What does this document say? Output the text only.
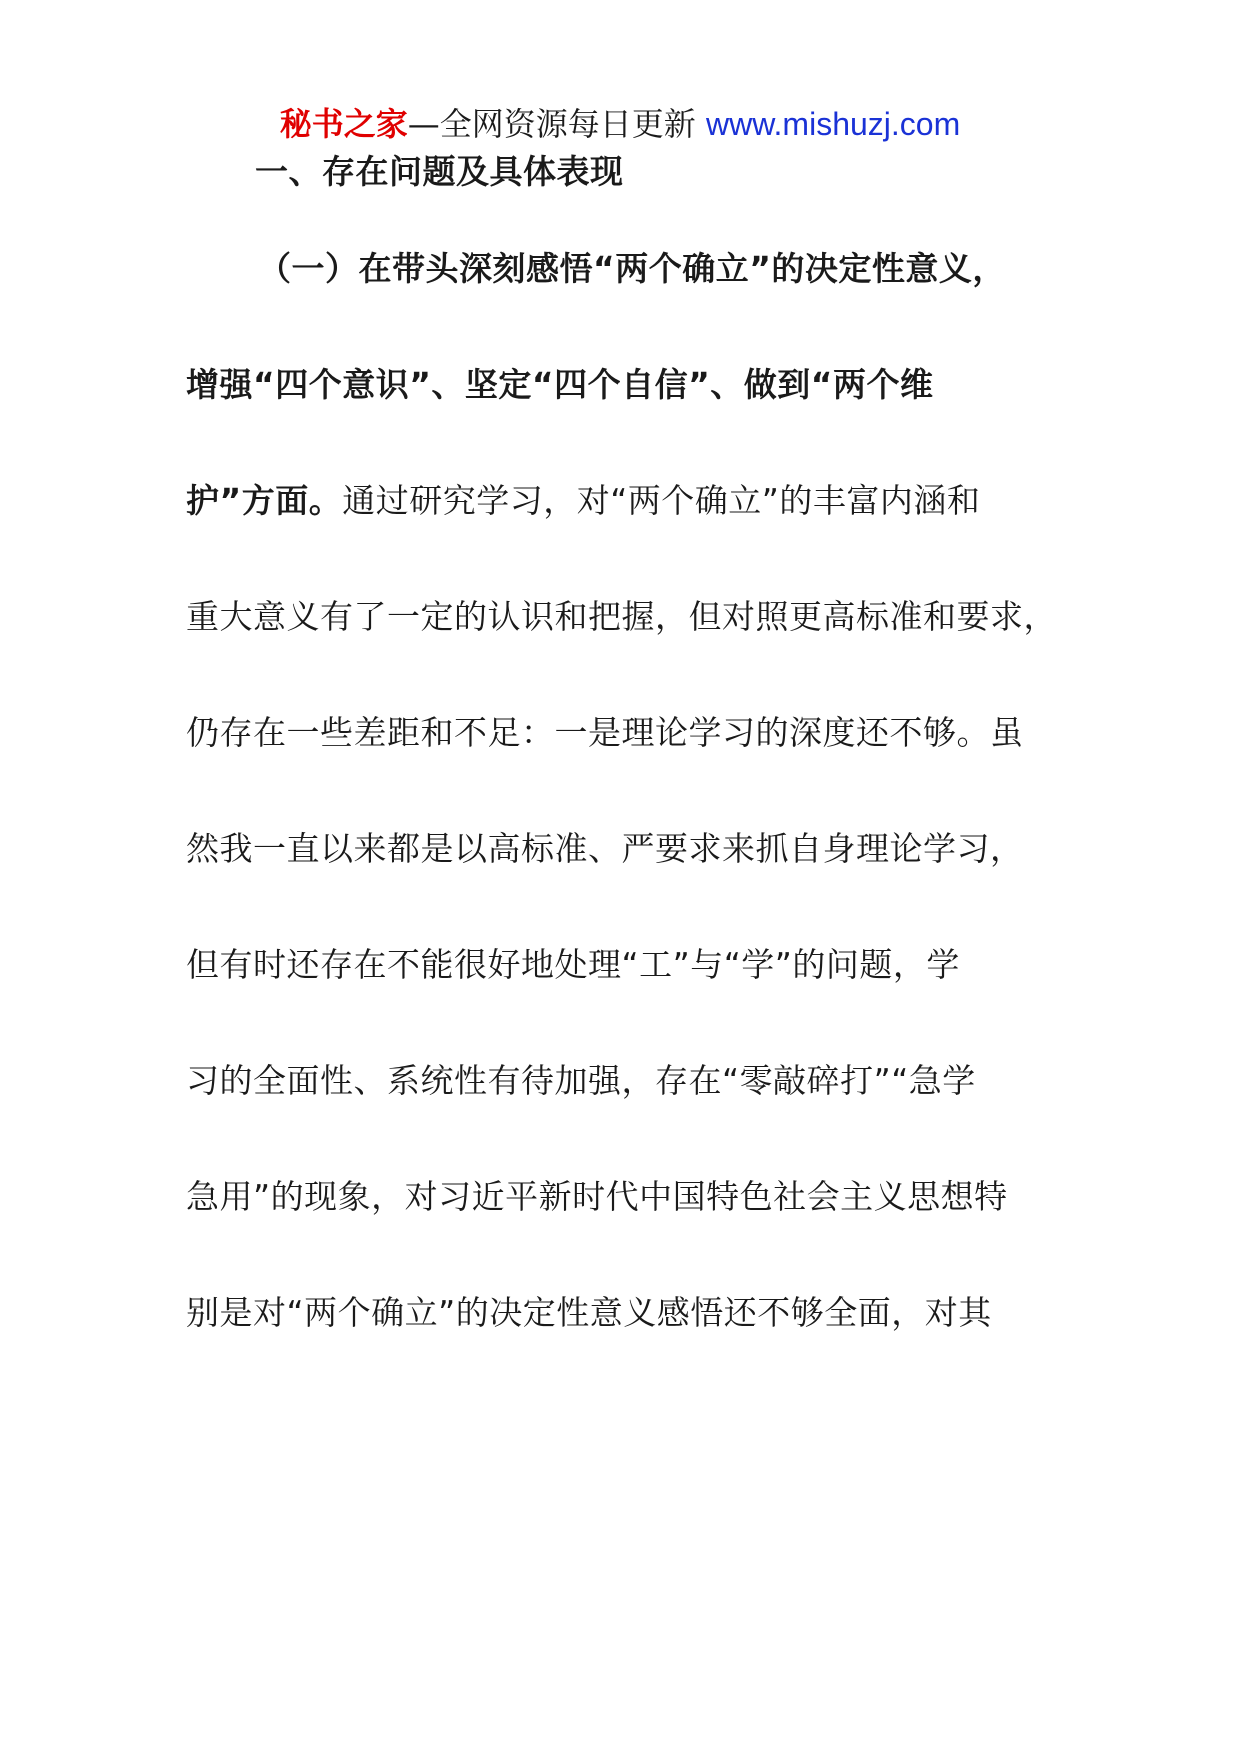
秘书之家—全网资源每日更新 www.mishuzj.com
一、存在问题及具体表现
（一）在带头深刻感悟“两个确立”的决定性意义，
增强“四个意识”、坚定“四个自信”、做到“两个维
护”方面。通过研究学习，对“两个确立”的丰富内涵和
重大意义有了一定的认识和把握，但对照更高标准和要求，
仍存在一些差距和不足：一是理论学习的深度还不够。虽
然我一直以来都是以高标准、严要求来抓自身理论学习，
但有时还存在不能很好地处理“工”与“学”的问题，学
习的全面性、系统性有待加强，存在“零敲碎打”“急学
急用”的现象，对习近平新时代中国特色社会主义思想特
别是对“两个确立”的决定性意义感悟还不够全面，对其
